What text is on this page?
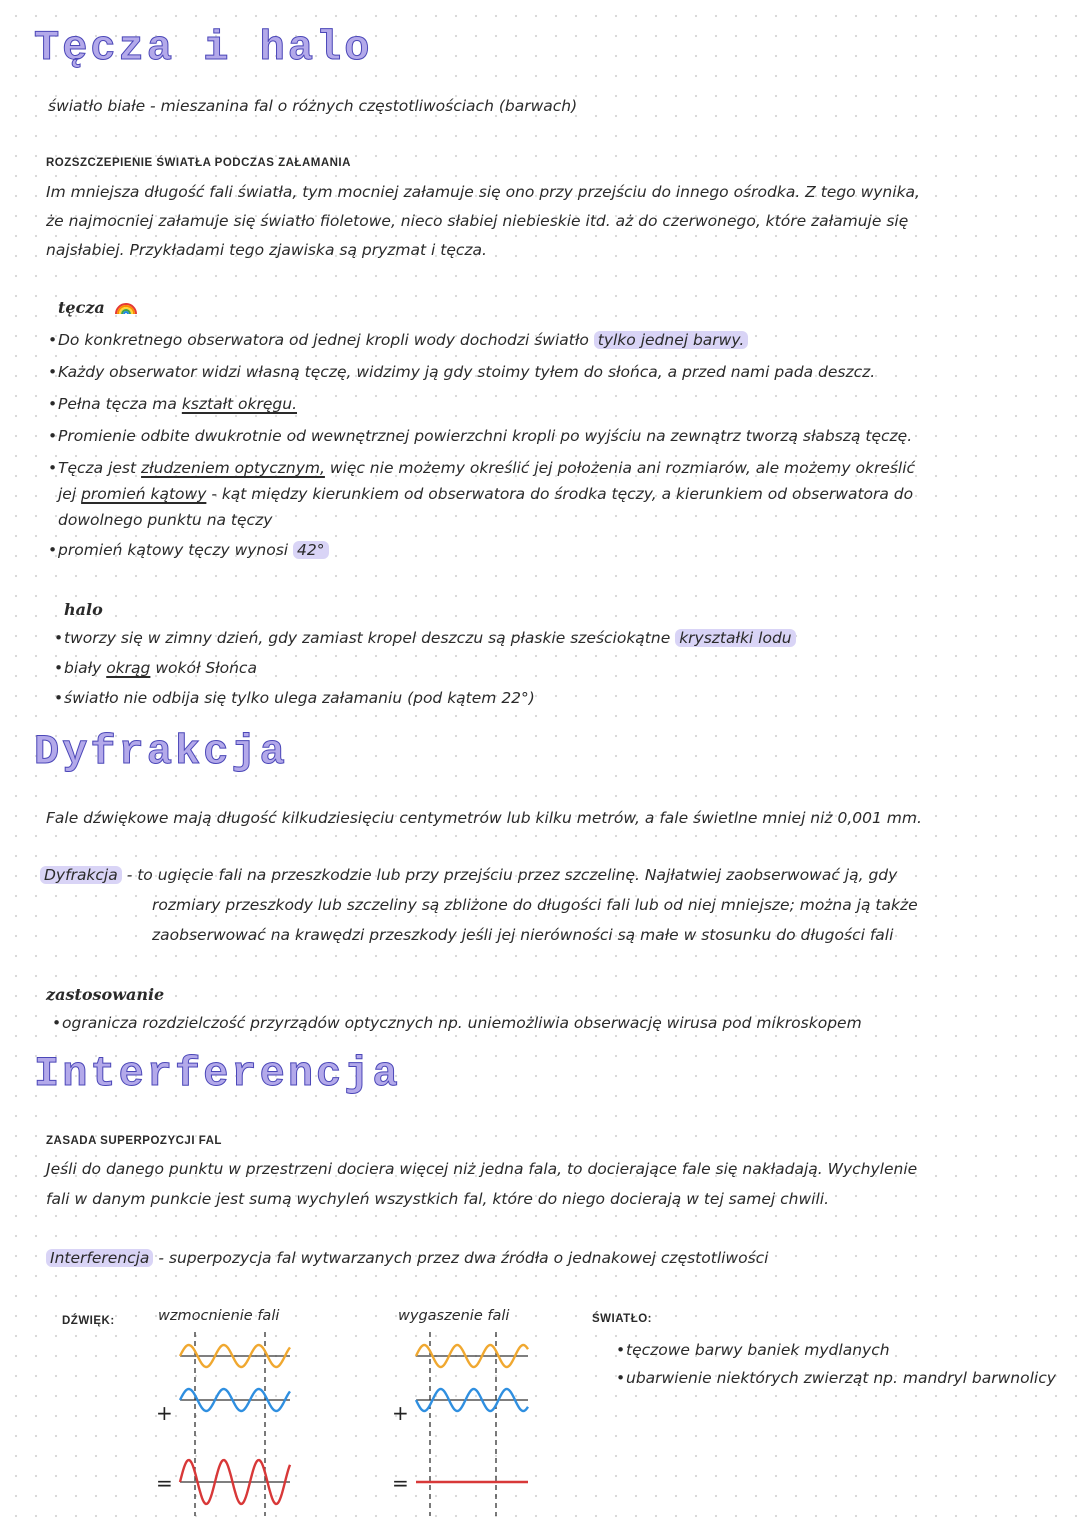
Tęcza i halo
światło białe - mieszanina fal o różnych częstotliwościach (barwach)
ROZSZCZEPIENIE ŚWIATŁA PODCZAS ZAŁAMANIA
Im mniejsza długość fali światła, tym mocniej załamuje się ono przy przejściu do innego ośrodka. Z tego wynika,
że najmocniej załamuje się światło fioletowe, nieco słabiej niebieskie itd. aż do czerwonego, które załamuje się
najsłabiej. Przykładami tego zjawiska są pryzmat i tęcza.
tęcza
• Do konkretnego obserwatora od jednej kropli wody dochodzi światło tylko jednej barwy.
• Każdy obserwator widzi własną tęczę, widzimy ją gdy stoimy tyłem do słońca, a przed nami pada deszcz.
• Pełna tęcza ma kształt okręgu.
• Promienie odbite dwukrotnie od wewnętrznej powierzchni kropli po wyjściu na zewnątrz tworzą słabszą tęczę.
• Tęcza jest złudzeniem optycznym, więc nie możemy określić jej położenia ani rozmiarów, ale możemy określić
jej promień kątowy - kąt między kierunkiem od obserwatora do środka tęczy, a kierunkiem od obserwatora do
dowolnego punktu na tęczy
• promień kątowy tęczy wynosi 42°
halo
• tworzy się w zimny dzień, gdy zamiast kropel deszczu są płaskie sześciokątne kryształki lodu
• biały okrąg wokół Słońca
• światło nie odbija się tylko ulega załamaniu (pod kątem 22°)
Dyfrakcja
Fale dźwiękowe mają długość kilkudziesięciu centymetrów lub kilku metrów, a fale świetlne mniej niż 0,001 mm.
Dyfrakcja - to ugięcie fali na przeszkodzie lub przy przejściu przez szczelinę. Najłatwiej zaobserwować ją, gdy
rozmiary przeszkody lub szczeliny są zbliżone do długości fali lub od niej mniejsze; można ją także
zaobserwować na krawędzi przeszkody jeśli jej nierówności są małe w stosunku do długości fali
zastosowanie
• ogranicza rozdzielczość przyrządów optycznych np. uniemożliwia obserwację wirusa pod mikroskopem
Interferencja
ZASADA SUPERPOZYCJI FAL
Jeśli do danego punktu w przestrzeni dociera więcej niż jedna fala, to docierające fale się nakładają. Wychylenie
fali w danym punkcie jest sumą wychyleń wszystkich fal, które do niego docierają w tej samej chwili.
Interferencja - superpozycja fal wytwarzanych przez dwa źródła o jednakowej częstotliwości
DŹWIĘK:	wzmocnienie fali	wygaszenie fali
+
=
+
=
ŚWIATŁO:
• tęczowe barwy baniek mydlanych
• ubarwienie niektórych zwierząt np. mandryl barwnolicy
